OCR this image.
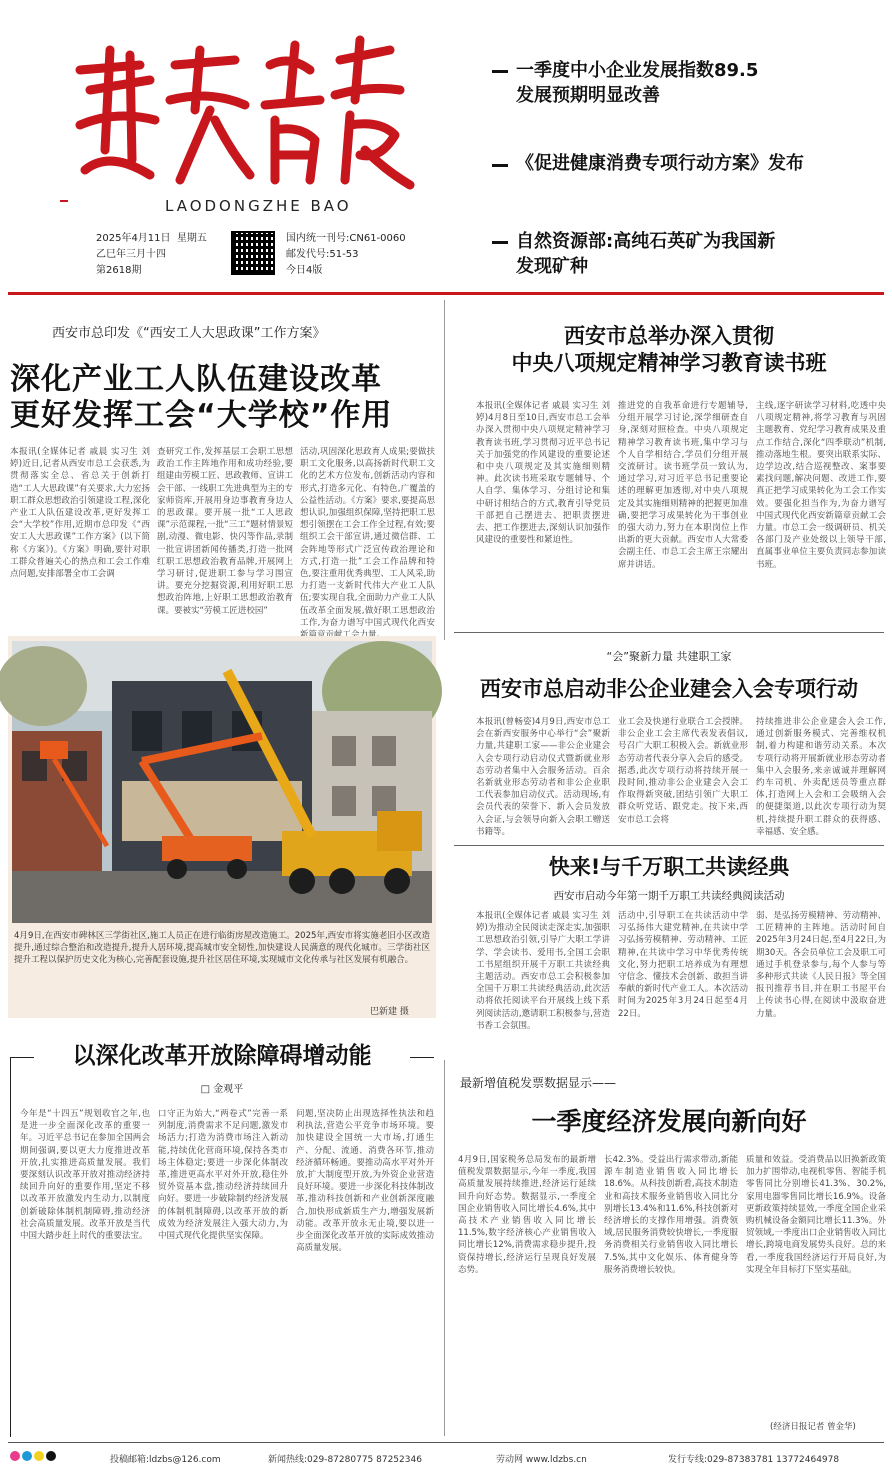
LAODONGZHE BAO
2025年4月11日 星期五
乙巳年三月十四
第2618期
国内统一刊号:CN61-0060
邮发代号:51-53
今日4版
一季度中小企业发展指数89.5
发展预期明显改善
《促进健康消费专项行动方案》发布
自然资源部:高纯石英矿为我国新
发现矿种
西安市总印发《“西安工人大思政课”工作方案》
深化产业工人队伍建设改革
更好发挥工会“大学校”作用
本报讯(全媒体记者 戚晨 实习生 刘婷)近日,记者从西安市总工会获悉,为贯彻落实全总、省总关于创新打造“工人大思政课”有关要求,大力宏扬职工群众思想政治引领建设工程,深化产业工人队伍建设改革,更好发挥工会“大学校”作用,近期市总印发《“西安工人大思政课”工作方案》(以下简称《方案》)。《方案》明确,要针对职工群众普遍关心的热点和工会工作难点问题,安排部署全市工会调
查研究工作,发挥基层工会职工思想政治工作主阵地作用和成功经验,要组建由劳模工匠、思政教师、宣讲工会干部、一线职工先进典型为主的专家师资库,开展用身边事教育身边人的思政课。要开展一批“工人思政课”示范课程,一批“三工”题材情景短剧,动漫、微电影、快闪等作品,录制一批宣讲团新闻传播类,打造一批网红职工思想政治教育品牌,开展网上学习研讨,促进职工参与学习围宣讲。要充分挖掘资源,利用好职工思想政治阵地,上好职工思想政治教育课。要被实“劳模工匠进校园”
活动,巩固深化思政育人成果;要做扶职工文化服务,以高扬新时代职工文化的艺术方位发布,创新活动内容和形式,打造多元化、有特色,广覆盖的公益性活动。《方案》要求,要提高思想认识,加强组织保障,坚持把职工思想引领摆在工会工作全过程,有效;要组织工会干部宣讲,通过微信群、工会阵地等形式广泛宣传政治理论和方式,打造一批”工会工作品牌和特色,要注重用优秀典型、工人风采,助力打造一支新时代伟大产业工人队伍;要实现自我,全面助力产业工人队伍改革全面发展,做好职工思想政治工作,为奋力谱写中国式现代化西安
西安市总举办深入贯彻
中央八项规定精神学习教育读书班
本报讯(全媒体记者 戚晨 实习生 刘婷)4月8日至10日,西安市总工会举办深入贯彻中央八项规定精神学习教育读书班,学习贯彻习近平总书记关于加强党的作风建设的重要论述和中央八项规定及其实施细则精神。此次读书班采取专题辅导、个人自学、集体学习、分组讨论和集中研讨相结合的方式,教育引导党员干部把自己摆进去、把职责摆进去、把工作摆进去,深刻认识加强作风建设的重要性和紧迫性。
推进党的自我革命进行专题辅导,分组开展学习讨论,深学细研查自身,深刻对照检查。中央八项规定精神学习教育读书班,集中学习与个人自学相结合,学员们分组开展交流研讨。读书班学员一致认为,通过学习,对习近平总书记重要论述的理解更加透彻,对中央八项规定及其实施细则精神的把握更加准确,要把学习成果转化为干事创业的强大动力,努力在本职岗位上作出新的更大贡献。西安市人大常委会副主任、市总工会主席王宗耀出席并讲话。
主线,逐字研读学习材料,吃透中央八项规定精神,将学习教育与巩固主题教育、党纪学习教育成果及重点工作结合,深化“四季联动”机制,推动落地生根。要突出联系实际、边学边改,结合巡视整改、案事要素找问题,解决问题、改进工作,要真正把学习成果转化为工会工作实效。要强化担当作为,为奋力谱写中国式现代化西安新篇章贡献工会力量。市总工会一级调研员、机关各部门及产业处级以上领导干部,直属事业单位主要负责同志参加读书班。
“会”聚新力量 共建职工家
西安市总启动非公企业建会入会专项行动
本报讯(曾畅姿)4月9日,西安市总工会在新西安服务中心举行“会”聚新力量,共建职工家——非公企业建会入会专项行动启动仪式暨新就业形态劳动者集中入会服务活动。百余名新就业形态劳动者和非公企业职工代表参加启动仪式。活动现场,有会员代表的荣誉下、新入会员发放入会证,与会领导向新入会职工赠送书籍等。
业工会及快递行业联合工会授牌。非公企业工会主席代表发表倡议,号召广大职工积极入会。新就业形态劳动者代表分享入会后的感受。据悉,此次专项行动将持续开展一段时间,推动非公企业建会入会工作取得新突破,团结引领广大职工群众听党话、跟党走。按下来,西安市总工会将
持续推进非公企业建会入会工作,通过创新服务模式、完善维权机制,着力构建和谐劳动关系。本次专项行动将开展新就业形态劳动者集中入会服务,来亲诚诚并理解网约车司机、外卖配送员等重点群体,打造网上入会和工会吸纳入会的便捷渠道,以此次专项行动为契机,持续提升职工群众的获得感、幸福感、安全感。
快来!与千万职工共读经典
西安市启动今年第一期千万职工共读经典阅读活动
本报讯(全媒体记者 戚晨 实习生 刘婷)为推动全民阅读走深走实,加强职工思想政治引领,引导广大职工学讲学、学会读书、爱用书,全国工会职工书屋组织开展千万职工共读经典主题活动。西安市总工会积极参加全国千万职工共读经典活动,此次活动将依托阅读平台开展线上线下系列阅读活动,邀请职工积极参与,营造书香工会氛围。
活动中,引导职工在共读活动中学习弘扬伟大建党精神,在共读中学习弘扬劳模精神、劳动精神、工匠精神,在共读中学习中华优秀传统文化,努力把职工培养成为有理想守信念、懂技术会创新、敢担当讲奉献的新时代产业工人。本次活动时间为2025年3月24日起至4月22日。
弱、是弘扬劳模精神、劳动精神、工匠精神的主阵地。活动时间自2025年3月24日起,至4月22日,为期30天。各会员单位工会及职工可通过手机登录参与,每个人参与等多种形式共读《人民日报》等全国报刊推荐书目,并在职工书屋平台上传读书心得,在阅读中汲取奋进力量。
4月9日,在西安市碑林区三学街社区,施工人员正在进行临街房屋改造施工。2025年,西安市将实施老旧小区改造提升,通过综合整治和改造提升,提升人居环境,提高城市安全韧性,加快建设人民满意的现代化城市。三学街社区提升工程以保护历史文化为核心,完善配套设施,提升社区居住环境,实现城市文化传承与社区发展有机融合。
巴新建 摄
以深化改革开放除障碍增动能
□ 金观平
今年是“十四五”规划收官之年,也是进一步全面深化改革的重要一年。习近平总书记在参加全国两会期间强调,要以更大力度推进改革开放,扎实推进高质量发展。我们要深刻认识改革开放对推动经济持续回升向好的重要作用,坚定不移以改革开放激发内生动力,以制度创新破除体制机制障碍,推动经济社会高质量发展。改革开放是当代中国大踏步赶上时代的重要法宝。
口守正为始大,“两卷式”完善一系列制度,消费需求不足问题,激发市场活力;打造为消费市场注入新动能,持续优化营商环境,保持各类市场主体稳定;要进一步深化体制改革,推进更高水平对外开放,稳住外贸外资基本盘,推动经济持续回升向好。要进一步破除制约经济发展的体制机制障碍,以改革开放的新成效为经济发展注入强大动力,为中国式现代化提供坚实保障。
问题,坚决防止出现选择性执法和趋利执法,营造公平竞争市场环境。要加快建设全国统一大市场,打通生产、分配、流通、消费各环节,推动经济循环畅通。要推动高水平对外开放,扩大制度型开放,为外资企业营造良好环境。要进一步深化科技体制改革,推动科技创新和产业创新深度融合,加快形成新质生产力,增强发展新动能。改革开放永无止境,要以进一步全面深化改革开放的实际成效推动高质量发展。
最新增值税发票数据显示——
一季度经济发展向新向好
4月9日,国家税务总局发布的最新增值税发票数据显示,今年一季度,我国高质量发展持续推进,经济运行延续回升向好态势。数据显示,一季度全国企业销售收入同比增长4.6%,其中高技术产业销售收入同比增长11.5%,数字经济核心产业销售收入同比增长12%,消费需求稳步提升,投资保持增长,经济运行呈现良好发展态势。
长42.3%。受益出行需求带动,新能源车制造业销售收入同比增长18.6%。从科技创新看,高技术制造业和高技术服务业销售收入同比分别增长13.4%和11.6%,科技创新对经济增长的支撑作用增强。消费领域,居民服务消费较快增长,一季度服务消费相关行业销售收入同比增长7.5%,其中文化娱乐、体育健身等服务消费增长较快。
质量和效益。受消费品以旧换新政策加力扩围带动,电视机零售、智能手机零售同比分别增长41.3%、30.2%,家用电器零售同比增长16.9%。设备更新政策持续显效,一季度全国企业采购机械设备金额同比增长11.3%。外贸领域,一季度出口企业销售收入同比增长,跨境电商发展势头良好。总的来看,一季度我国经济运行开局良好,为实现全年目标打下坚实基础。
(经济日报记者 曾金华)
投稿邮箱:ldzbs@126.com	新闻热线:029-87280775 87252346	劳动网 www.ldzbs.cn	发行专线:029-87383781 13772464978
